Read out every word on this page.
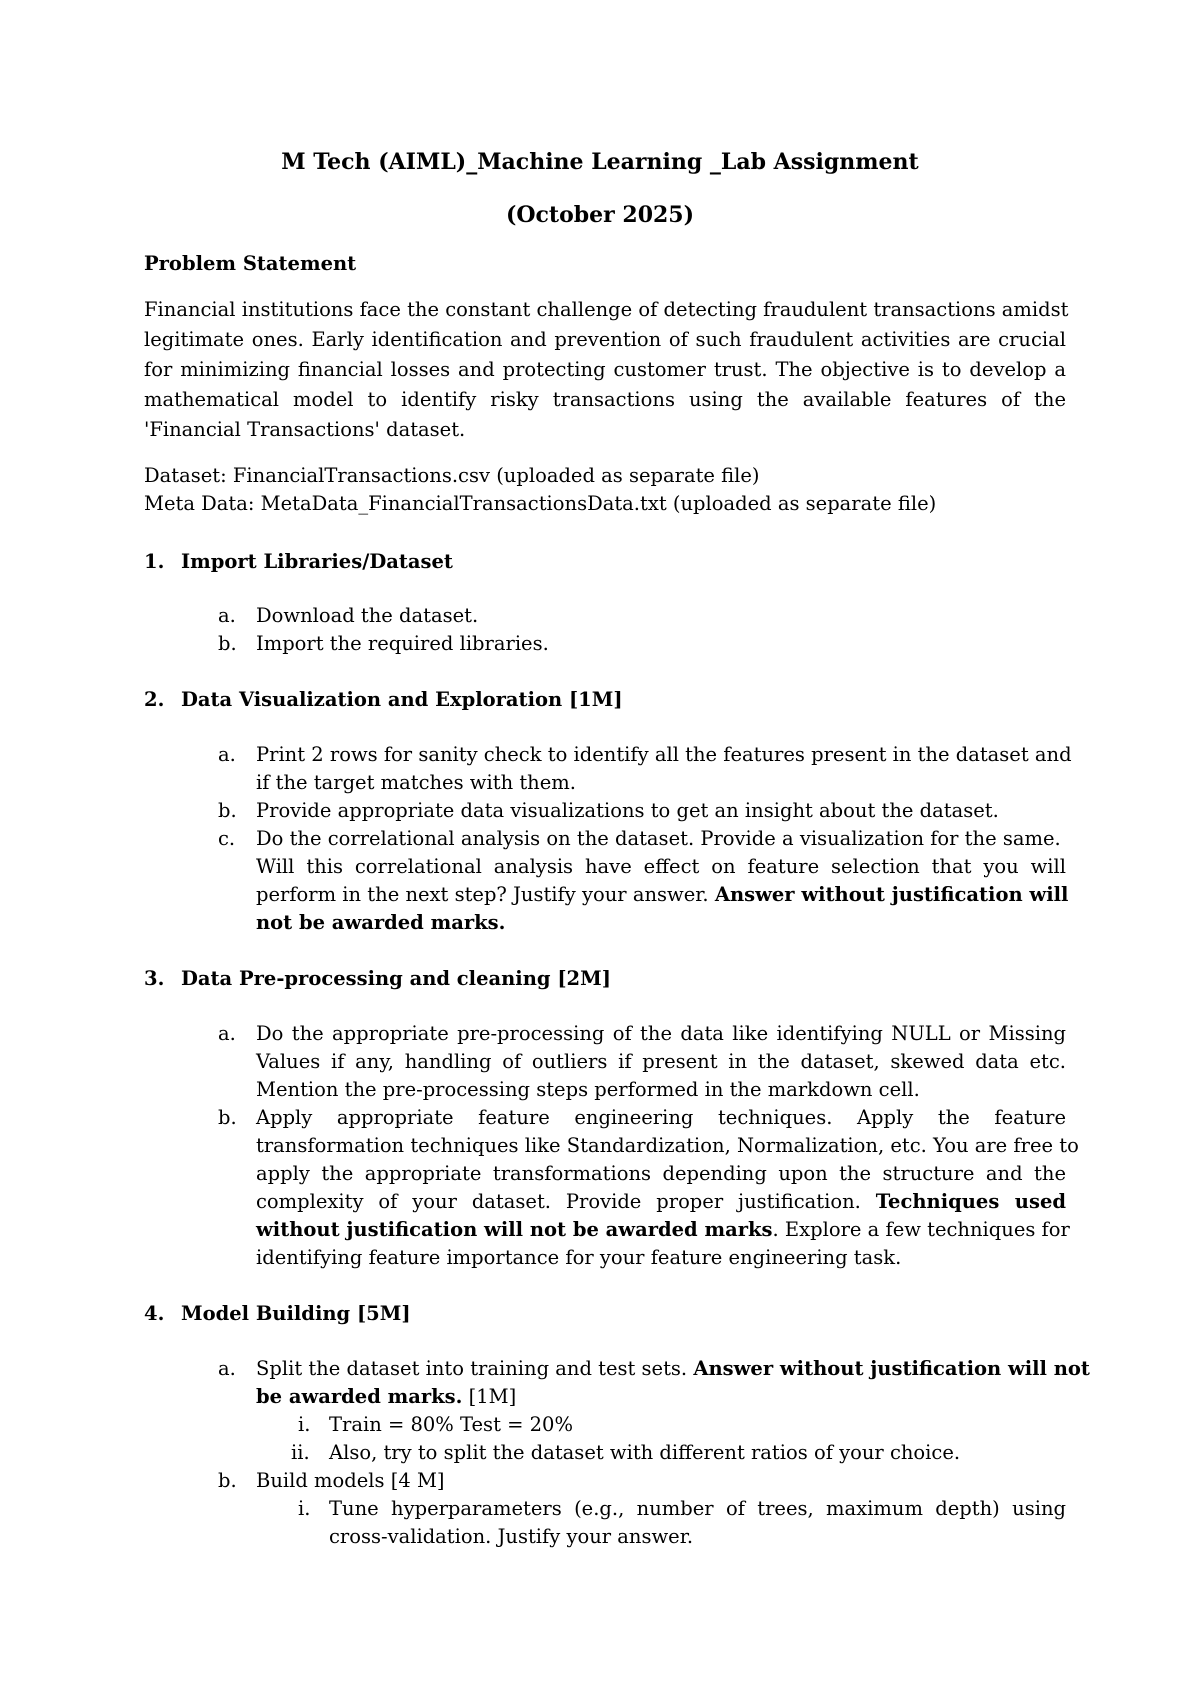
M Tech (AIML)_Machine Learning _Lab Assignment
(October 2025)
Problem Statement
Financial institutions face the constant challenge of detecting fraudulent transactions amidst
legitimate ones. Early identification and prevention of such fraudulent activities are crucial
for minimizing financial losses and protecting customer trust. The objective is to develop a
mathematical model to identify risky transactions using the available features of the
'Financial Transactions' dataset.
Dataset: FinancialTransactions.csv (uploaded as separate file)
Meta Data: MetaData_FinancialTransactionsData.txt (uploaded as separate file)
1. Import Libraries/Dataset
a. Download the dataset.
b. Import the required libraries.
2. Data Visualization and Exploration [1M]
a. Print 2 rows for sanity check to identify all the features present in the dataset and
if the target matches with them.
b. Provide appropriate data visualizations to get an insight about the dataset.
c. Do the correlational analysis on the dataset. Provide a visualization for the same.
Will this correlational analysis have effect on feature selection that you will
perform in the next step? Justify your answer. Answer without justification will
not be awarded marks.
3. Data Pre-processing and cleaning [2M]
a. Do the appropriate pre-processing of the data like identifying NULL or Missing
Values if any, handling of outliers if present in the dataset, skewed data etc.
Mention the pre-processing steps performed in the markdown cell.
b. Apply appropriate feature engineering techniques. Apply the feature
transformation techniques like Standardization, Normalization, etc. You are free to
apply the appropriate transformations depending upon the structure and the
complexity of your dataset. Provide proper justification. Techniques used
without justification will not be awarded marks. Explore a few techniques for
identifying feature importance for your feature engineering task.
4. Model Building [5M]
a. Split the dataset into training and test sets. Answer without justification will not
be awarded marks. [1M]
i. Train = 80% Test = 20%
ii. Also, try to split the dataset with different ratios of your choice.
b. Build models [4 M]
i. Tune hyperparameters (e.g., number of trees, maximum depth) using
cross-validation. Justify your answer.
